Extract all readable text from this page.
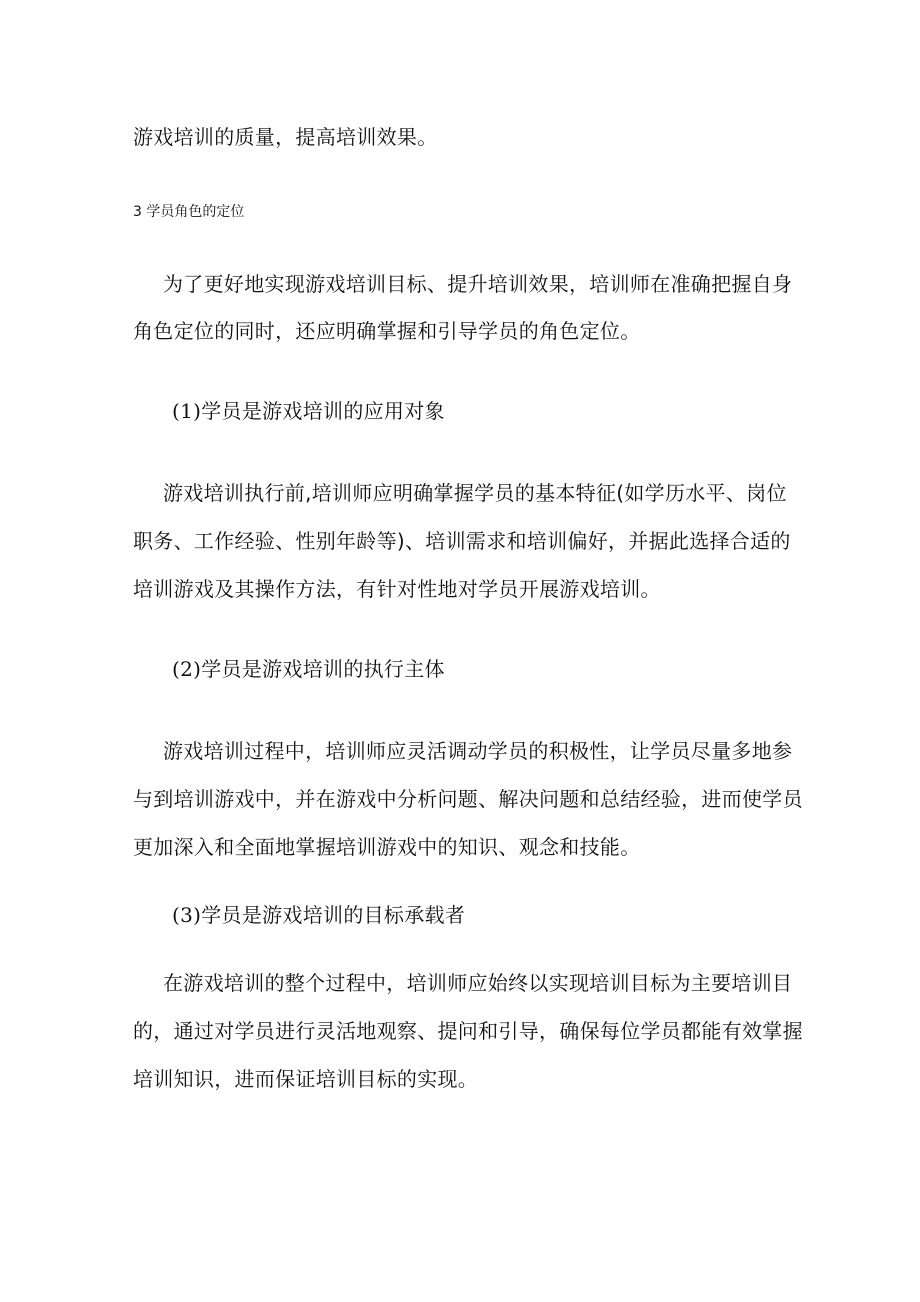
游戏培训的质量，提高培训效果。
3 学员角色的定位
为了更好地实现游戏培训目标、提升培训效果，培训师在准确把握自身
角色定位的同时，还应明确掌握和引导学员的角色定位。
(1)学员是游戏培训的应用对象
游戏培训执行前,培训师应明确掌握学员的基本特征(如学历水平、岗位
职务、工作经验、性别年龄等)、培训需求和培训偏好，并据此选择合适的
培训游戏及其操作方法，有针对性地对学员开展游戏培训。
(2)学员是游戏培训的执行主体
游戏培训过程中，培训师应灵活调动学员的积极性，让学员尽量多地参
与到培训游戏中，并在游戏中分析问题、解决问题和总结经验，进而使学员
更加深入和全面地掌握培训游戏中的知识、观念和技能。
(3)学员是游戏培训的目标承载者
在游戏培训的整个过程中，培训师应始终以实现培训目标为主要培训目
的，通过对学员进行灵活地观察、提问和引导，确保每位学员都能有效掌握
培训知识，进而保证培训目标的实现。
